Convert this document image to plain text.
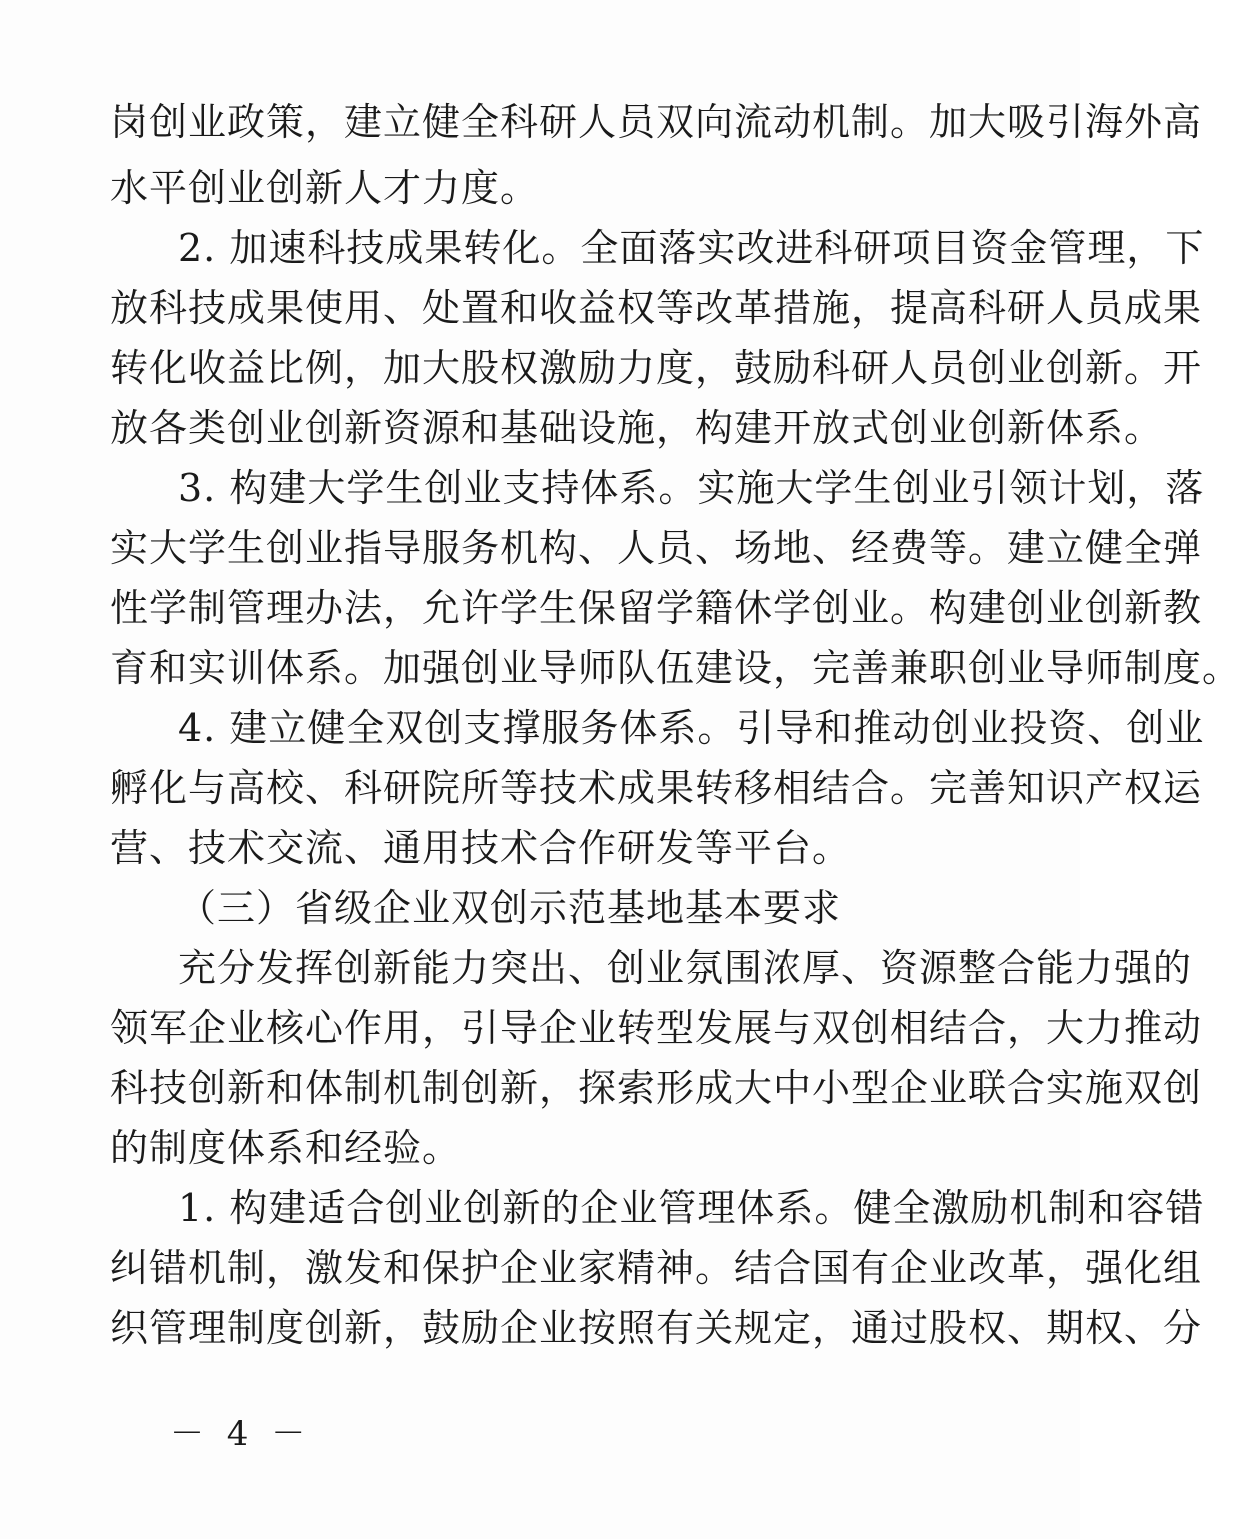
岗创业政策，建立健全科研人员双向流动机制。加大吸引海外高
水平创业创新人才力度。
2. 加速科技成果转化。全面落实改进科研项目资金管理，下
放科技成果使用、处置和收益权等改革措施，提高科研人员成果
转化收益比例，加大股权激励力度，鼓励科研人员创业创新。开
放各类创业创新资源和基础设施，构建开放式创业创新体系。
3. 构建大学生创业支持体系。实施大学生创业引领计划，落
实大学生创业指导服务机构、人员、场地、经费等。建立健全弹
性学制管理办法，允许学生保留学籍休学创业。构建创业创新教
育和实训体系。加强创业导师队伍建设，完善兼职创业导师制度。
4. 建立健全双创支撑服务体系。引导和推动创业投资、创业
孵化与高校、科研院所等技术成果转移相结合。完善知识产权运
营、技术交流、通用技术合作研发等平台。
（三）省级企业双创示范基地基本要求
充分发挥创新能力突出、创业氛围浓厚、资源整合能力强的
领军企业核心作用，引导企业转型发展与双创相结合，大力推动
科技创新和体制机制创新，探索形成大中小型企业联合实施双创
的制度体系和经验。
1. 构建适合创业创新的企业管理体系。健全激励机制和容错
纠错机制，激发和保护企业家精神。结合国有企业改革，强化组
织管理制度创新，鼓励企业按照有关规定，通过股权、期权、分
－ 4 －
